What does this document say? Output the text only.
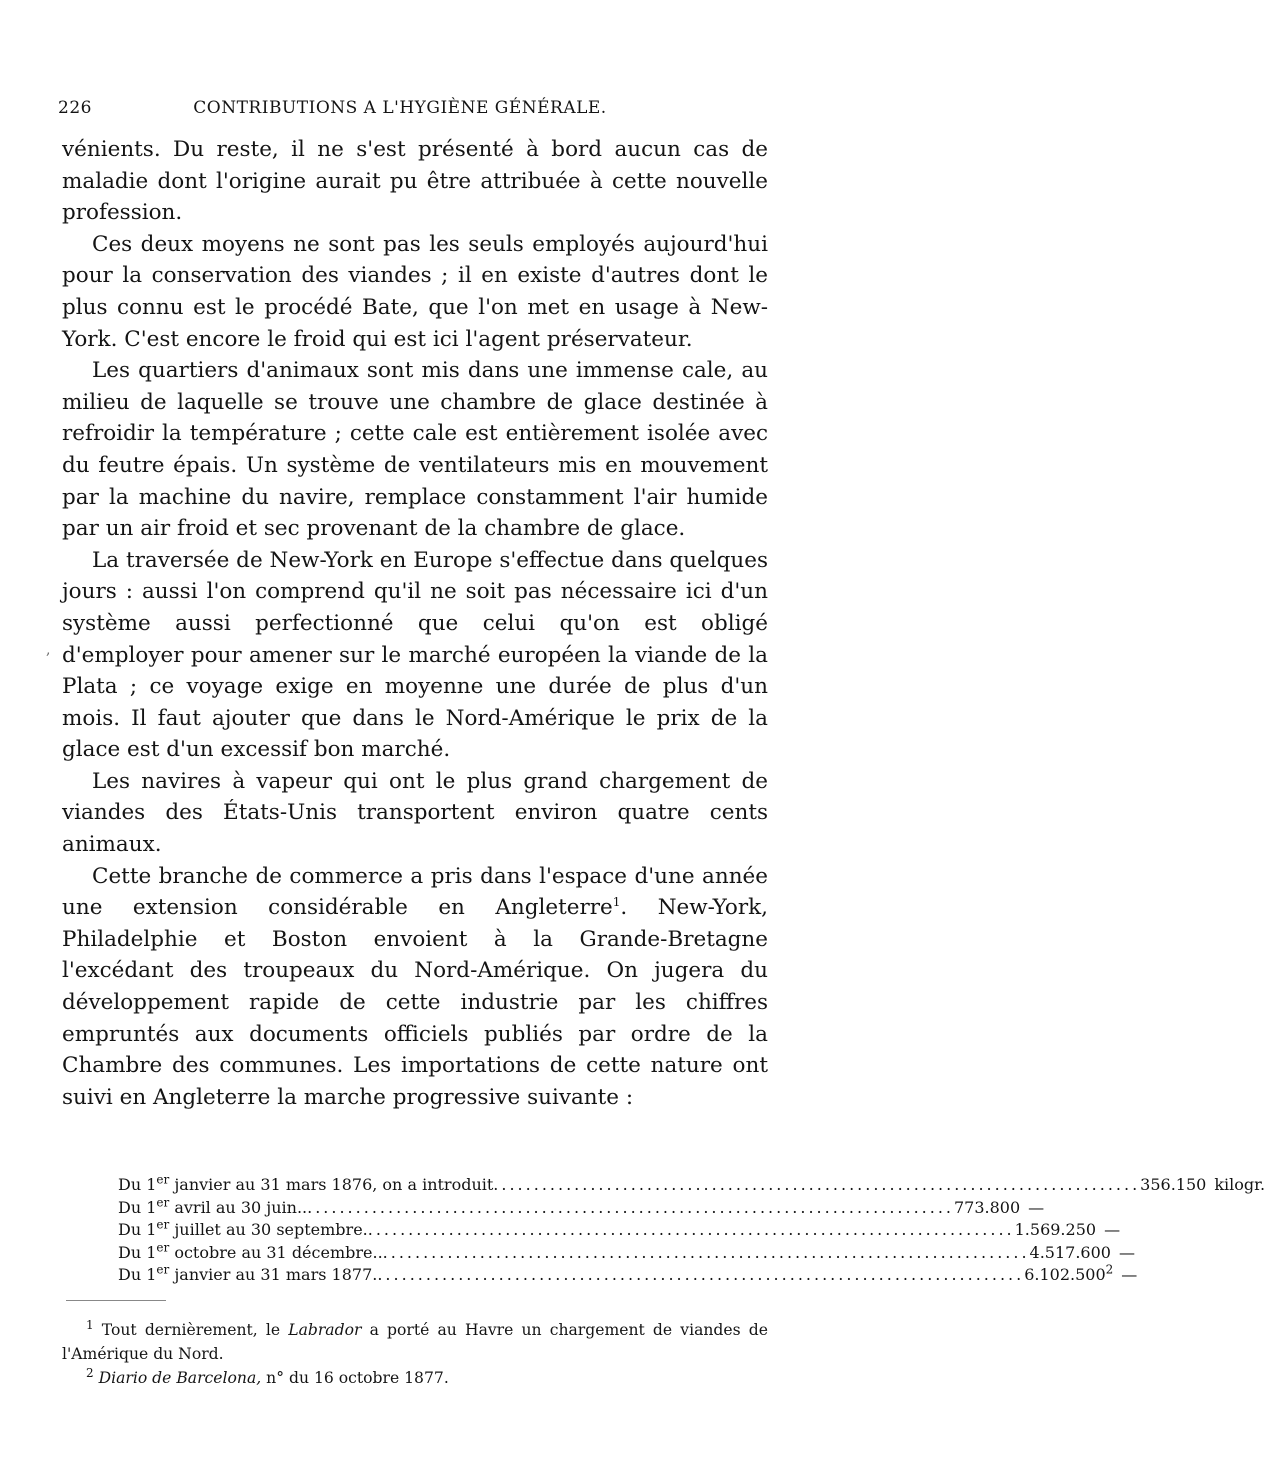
226	CONTRIBUTIONS A L'HYGIÈNE GÉNÉRALE.
,

vénients. Du reste, il ne s'est présenté à bord aucun cas de maladie dont l'origine aurait pu être attribuée à cette nouvelle profession.

Ces deux moyens ne sont pas les seuls employés aujourd'hui pour la conservation des viandes ; il en existe d'autres dont le plus connu est le procédé Bate, que l'on met en usage à New-York. C'est encore le froid qui est ici l'agent préservateur.

Les quartiers d'animaux sont mis dans une immense cale, au milieu de laquelle se trouve une chambre de glace destinée à refroidir la température ; cette cale est entièrement isolée avec du feutre épais. Un système de ventilateurs mis en mouvement par la machine du navire, remplace constamment l'air humide par un air froid et sec provenant de la chambre de glace.

La traversée de New-York en Europe s'effectue dans quelques jours : aussi l'on comprend qu'il ne soit pas nécessaire ici d'un système aussi perfectionné que celui qu'on est obligé d'employer pour amener sur le marché européen la viande de la Plata ; ce voyage exige en moyenne une durée de plus d'un mois. Il faut ajouter que dans le Nord-Amérique le prix de la glace est d'un excessif bon marché.

Les navires à vapeur qui ont le plus grand chargement de viandes des États-Unis transportent environ quatre cents animaux.

Cette branche de commerce a pris dans l'espace d'une année une extension considérable en Angleterre$^1$. New-York, Philadelphie et Boston envoient à la Grande-Bretagne l'excédant des troupeaux du Nord-Amérique. On jugera du développement rapide de cette industrie par les chiffres empruntés aux documents officiels publiés par ordre de la Chambre des communes. Les importations de cette nature ont suivi en Angleterre la marche progressive suivante :

Du 1er janvier au 31 mars 1876, on a introduit ................................................................................ 356.150 kilogr.
Du 1er avril au 30 juin.. ................................................................................ 773.800 —
Du 1er juillet au 30 septembre. ................................................................................ 1.569.250 —
Du 1er octobre au 31 décembre.. ................................................................................ 4.517.600 —
Du 1er janvier au 31 mars 1877. ................................................................................ 6.102.500$^2$ —

$^1$ Tout dernièrement, le Labrador a porté au Havre un chargement de viandes de l'Amérique du Nord.

$^2$ Diario de Barcelona, n° du 16 octobre 1877.
